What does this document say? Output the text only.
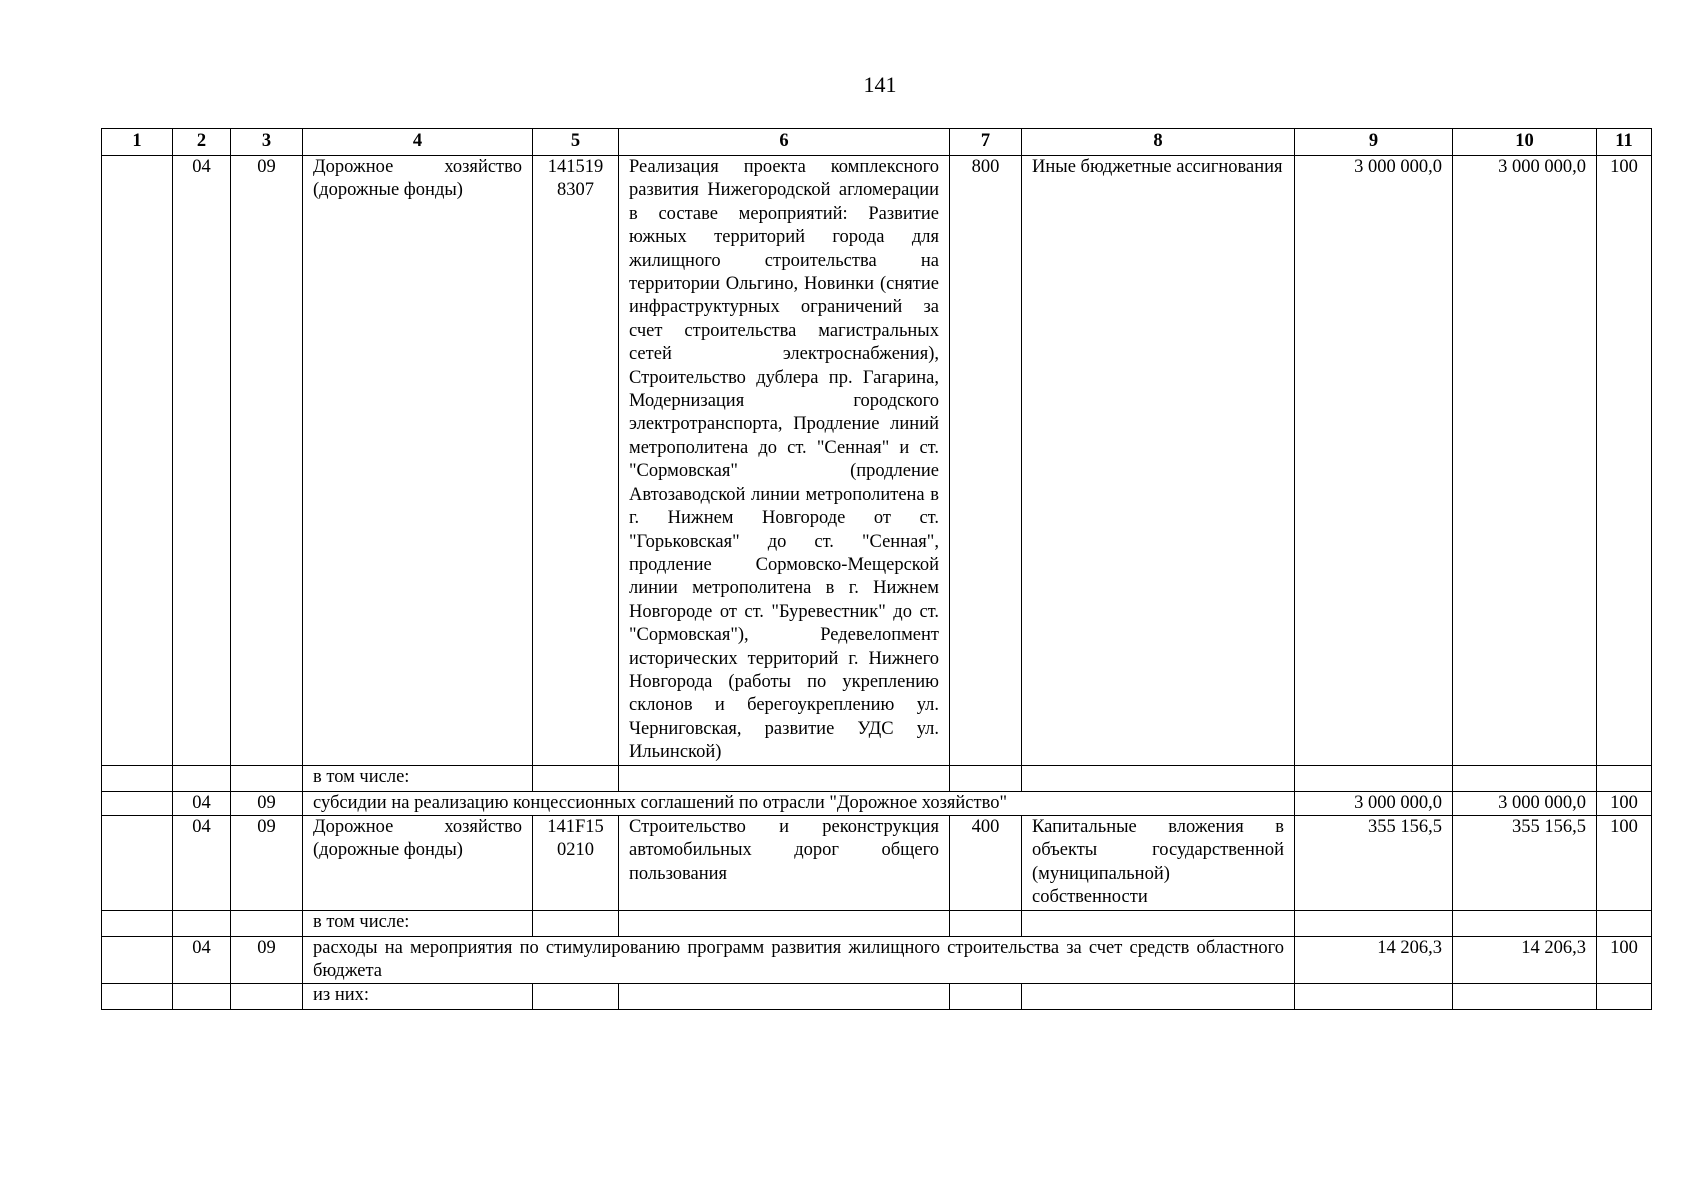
141
1	2	3	4	5	6	7	8	9	10	11
	04	09	Дорожное хозяйство (дорожные фонды)	141519 8307	Реализация проекта комплексного развития Нижегородской агломерации в составе мероприятий: Развитие южных территорий города для жилищного строительства на территории Ольгино, Новинки (снятие инфраструктурных ограничений за счет строительства магистральных сетей электроснабжения), Строительство дублера пр. Гагарина, Модернизация городского электротранспорта, Продление линий метрополитена до ст. "Сенная" и ст. "Сормовская" (продление Автозаводской линии метрополитена в г. Нижнем Новгороде от ст. "Горьковская" до ст. "Сенная", продление Сормовско-Мещерской линии метрополитена в г. Нижнем Новгороде от ст. "Буревестник" до ст. "Сормовская"), Редевелопмент исторических территорий г. Нижнего Новгорода (работы по укреплению склонов и берегоукреплению ул. Черниговская, развитие УДС ул. Ильинской)	800	Иные бюджетные ассигнования	3 000 000,0	3 000 000,0	100
			в том числе:							
	04	09	субсидии на реализацию концессионных соглашений по отрасли "Дорожное хозяйство"					3 000 000,0	3 000 000,0	100
	04	09	Дорожное хозяйство (дорожные фонды)	141F15 0210	Строительство и реконструкция автомобильных дорог общего пользования	400	Капитальные вложения в объекты государственной (муниципальной) собственности	355 156,5	355 156,5	100
			в том числе:							
	04	09	расходы на мероприятия по стимулированию программ развития жилищного строительства за счет средств областного бюджета					14 206,3	14 206,3	100
			из них:							
